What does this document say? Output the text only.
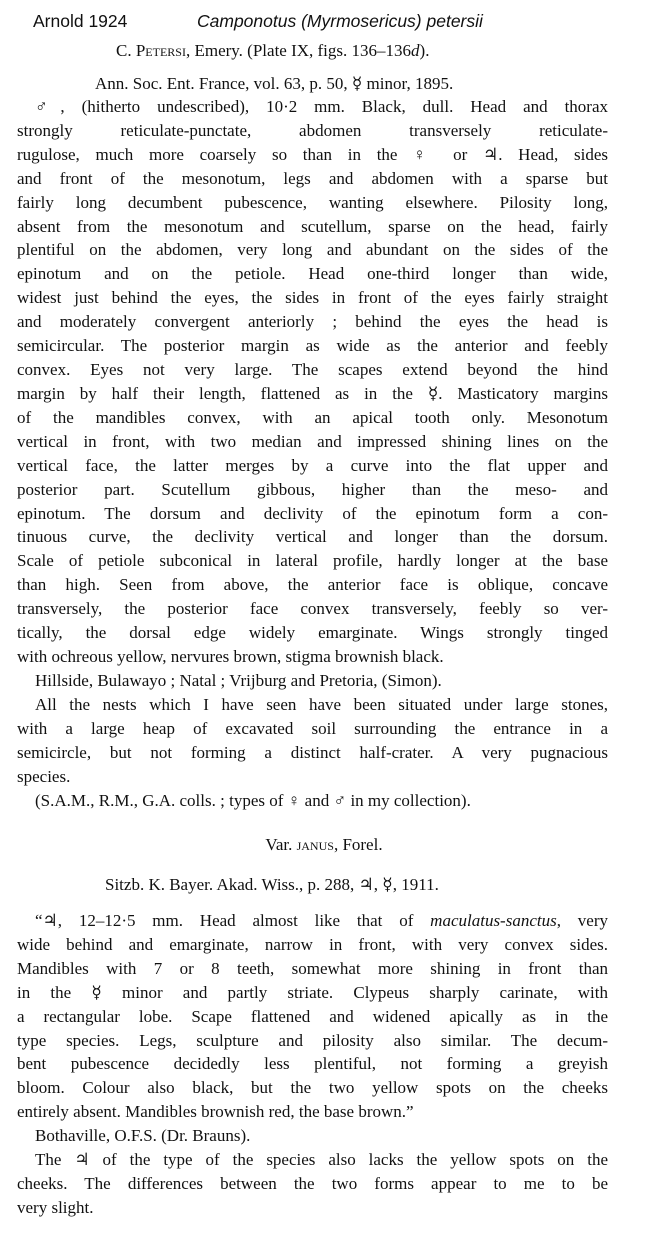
Arnold 1924	Camponotus (Myrmosericus) petersii
C. Petersi, Emery. (Plate IX, figs. 136–136d).
Ann. Soc. Ent. France, vol. 63, p. 50, ☿ minor, 1895.
♂, (hitherto undescribed), 10·2 mm. Black, dull. Head and thorax
strongly reticulate-punctate, abdomen transversely reticulate-
rugulose, much more coarsely so than in the ♀ or ♃. Head, sides
and front of the mesonotum, legs and abdomen with a sparse but
fairly long decumbent pubescence, wanting elsewhere. Pilosity long,
absent from the mesonotum and scutellum, sparse on the head, fairly
plentiful on the abdomen, very long and abundant on the sides of the
epinotum and on the petiole. Head one-third longer than wide,
widest just behind the eyes, the sides in front of the eyes fairly straight
and moderately convergent anteriorly ; behind the eyes the head is
semicircular. The posterior margin as wide as the anterior and feebly
convex. Eyes not very large. The scapes extend beyond the hind
margin by half their length, flattened as in the ☿. Masticatory margins
of the mandibles convex, with an apical tooth only. Mesonotum
vertical in front, with two median and impressed shining lines on the
vertical face, the latter merges by a curve into the flat upper and
posterior part. Scutellum gibbous, higher than the meso- and
epinotum. The dorsum and declivity of the epinotum form a con-
tinuous curve, the declivity vertical and longer than the dorsum.
Scale of petiole subconical in lateral profile, hardly longer at the base
than high. Seen from above, the anterior face is oblique, concave
transversely, the posterior face convex transversely, feebly so ver-
tically, the dorsal edge widely emarginate. Wings strongly tinged
with ochreous yellow, nervures brown, stigma brownish black.
Hillside, Bulawayo ; Natal ; Vrijburg and Pretoria, (Simon).
All the nests which I have seen have been situated under large stones,
with a large heap of excavated soil surrounding the entrance in a
semicircle, but not forming a distinct half-crater. A very pugnacious
species.
(S.A.M., R.M., G.A. colls. ; types of ♀ and ♂ in my collection).
Var. janus, Forel.
Sitzb. K. Bayer. Akad. Wiss., p. 288, ♃, ☿, 1911.
“♃, 12–12·5 mm. Head almost like that of maculatus-sanctus, very
wide behind and emarginate, narrow in front, with very convex sides.
Mandibles with 7 or 8 teeth, somewhat more shining in front than
in the ☿ minor and partly striate. Clypeus sharply carinate, with
a rectangular lobe. Scape flattened and widened apically as in the
type species. Legs, sculpture and pilosity also similar. The decum-
bent pubescence decidedly less plentiful, not forming a greyish
bloom. Colour also black, but the two yellow spots on the cheeks
entirely absent. Mandibles brownish red, the base brown.”
Bothaville, O.F.S. (Dr. Brauns).
The ♃ of the type of the species also lacks the yellow spots on the
cheeks. The differences between the two forms appear to me to be
very slight.
